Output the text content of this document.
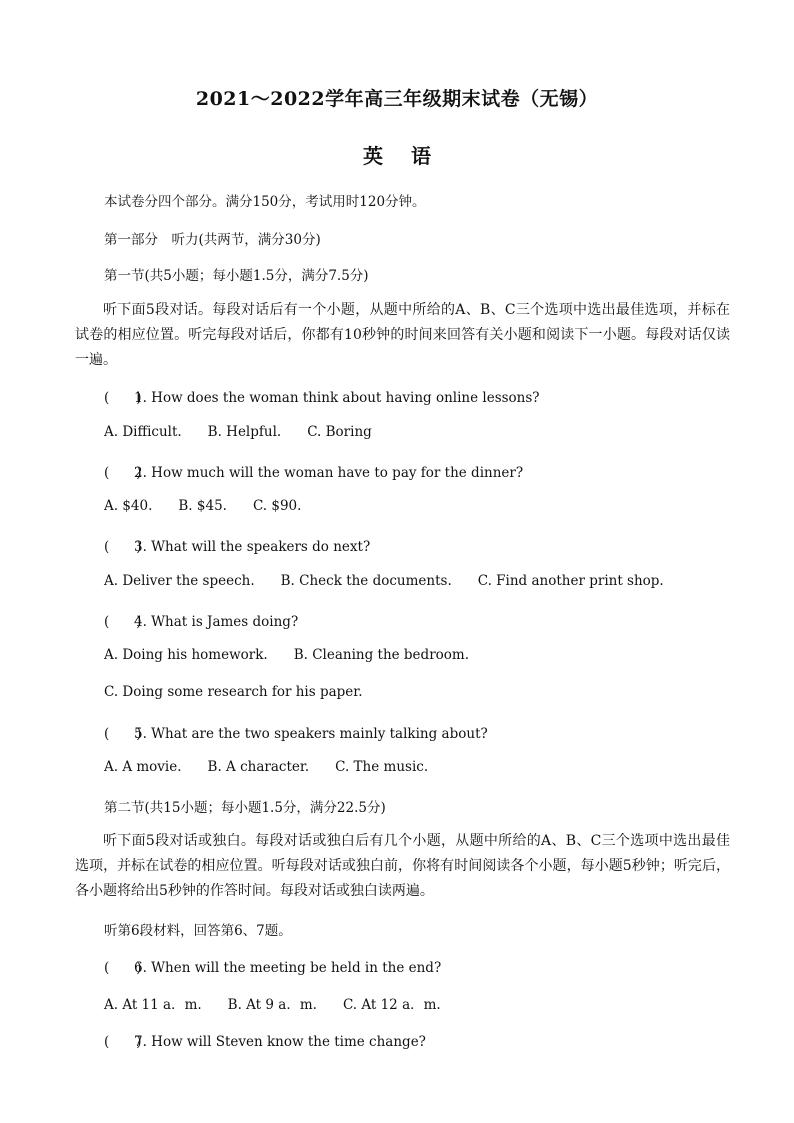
2021～2022学年高三年级期末试卷（无锡）
英语
本试卷分四个部分。满分150分，考试用时120分钟。
第一部分　听力(共两节，满分30分)
第一节(共5小题；每小题1.5分，满分7.5分)
听下面5段对话。每段对话后有一个小题，从题中所给的A、B、C三个选项中选出最佳选项，并标在试卷的相应位置。听完每段对话后，你都有10秒钟的时间来回答有关小题和阅读下一小题。每段对话仅读一遍。
(　　)1. How does the woman think about having online lessons?
A. Difficult. B. Helpful. C. Boring
(　　)2. How much will the woman have to pay for the dinner?
A. $40. B. $45. C. $90.
(　　)3. What will the speakers do next?
A. Deliver the speech. B. Check the documents. C. Find another print shop.
(　　)4. What is James doing?
A. Doing his homework. B. Cleaning the bedroom.
C. Doing some research for his paper.
(　　)5. What are the two speakers mainly talking about?
A. A movie. B. A character. C. The music.
第二节(共15小题；每小题1.5分，满分22.5分)
听下面5段对话或独白。每段对话或独白后有几个小题，从题中所给的A、B、C三个选项中选出最佳选项，并标在试卷的相应位置。听每段对话或独白前，你将有时间阅读各个小题，每小题5秒钟；听完后，各小题将给出5秒钟的作答时间。每段对话或独白读两遍。
听第6段材料，回答第6、7题。
(　　)6. When will the meeting be held in the end?
A. At 11 a．m. B. At 9 a．m. C. At 12 a．m.
(　　)7. How will Steven know the time change?
